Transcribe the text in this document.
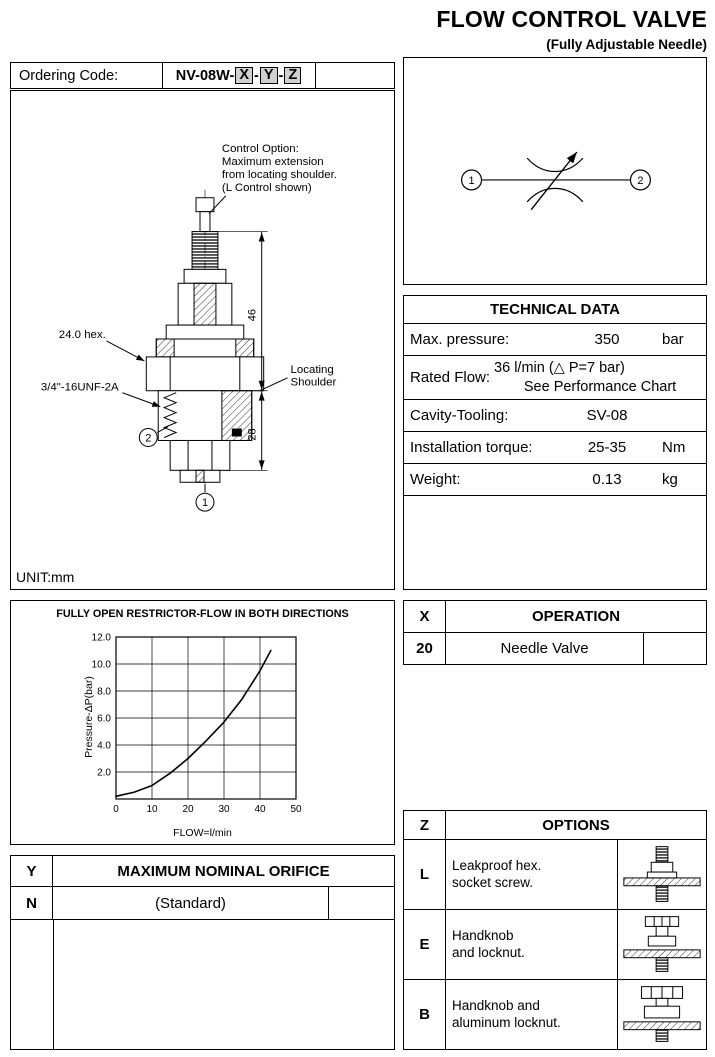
FLOW CONTROL VALVE
(Fully Adjustable Needle)
Ordering Code:	NV-08W- X - Y - Z
Control Option:
Maximum extension
from locating shoulder.
(L Control shown)
24.0 hex.
3/4"-16UNF-2A
Locating
Shoulder
46
28
2
1
UNIT:mm
1	2
TECHNICAL DATA
Max. pressure:	350	bar
Rated Flow:
36 l/min (△ P=7 bar)
See Performance Chart
Cavity-Tooling:	SV-08
Installation torque:	25-35	Nm
Weight:	0.13	kg
0	10 20 30 40 50
2.0
4.0
6.0
8.0
10.0
12.0
FULLY OPEN RESTRICTOR-FLOW IN BOTH DIRECTIONS
Pressure-ΔP(bar)
FLOW=l/min
X	OPERATION
20	Needle Valve
Y	MAXIMUM NOMINAL ORIFICE
N	(Standard)
Z	OPTIONS
L
Leakproof hex.
socket screw.
E
Handknob
and locknut.
B
Handknob and
aluminum locknut.
